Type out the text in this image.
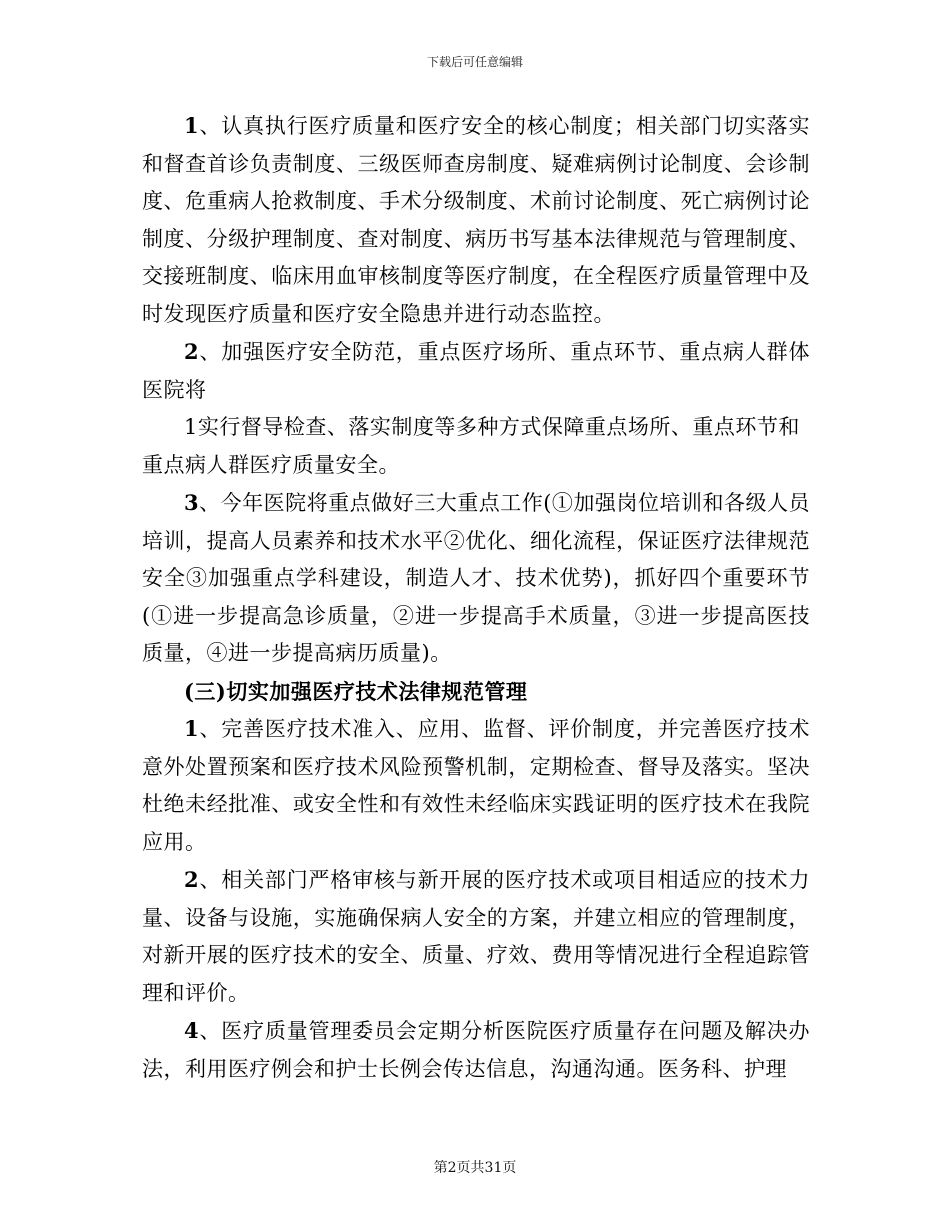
下载后可任意编辑

1、认真执行医疗质量和医疗安全的核心制度；相关部门切实落实和督查首诊负责制度、三级医师查房制度、疑难病例讨论制度、会诊制度、危重病人抢救制度、手术分级制度、术前讨论制度、死亡病例讨论制度、分级护理制度、查对制度、病历书写基本法律规范与管理制度、交接班制度、临床用血审核制度等医疗制度，在全程医疗质量管理中及时发现医疗质量和医疗安全隐患并进行动态监控。

2、加强医疗安全防范，重点医疗场所、重点环节、重点病人群体医院将

1实行督导检查、落实制度等多种方式保障重点场所、重点环节和

重点病人群医疗质量安全。

3、今年医院将重点做好三大重点工作(①加强岗位培训和各级人员培训，提高人员素养和技术水平②优化、细化流程，保证医疗法律规范安全③加强重点学科建设，制造人才、技术优势)，抓好四个重要环节(①进一步提高急诊质量，②进一步提高手术质量，③进一步提高医技质量，④进一步提高病历质量)。

(三)切实加强医疗技术法律规范管理

1、完善医疗技术准入、应用、监督、评价制度，并完善医疗技术意外处置预案和医疗技术风险预警机制，定期检查、督导及落实。坚决杜绝未经批准、或安全性和有效性未经临床实践证明的医疗技术在我院应用。

2、相关部门严格审核与新开展的医疗技术或项目相适应的技术力量、设备与设施，实施确保病人安全的方案，并建立相应的管理制度，对新开展的医疗技术的安全、质量、疗效、费用等情况进行全程追踪管理和评价。

4、医疗质量管理委员会定期分析医院医疗质量存在问题及解决办法，利用医疗例会和护士长例会传达信息，沟通沟通。医务科、护理

第2页共31页
